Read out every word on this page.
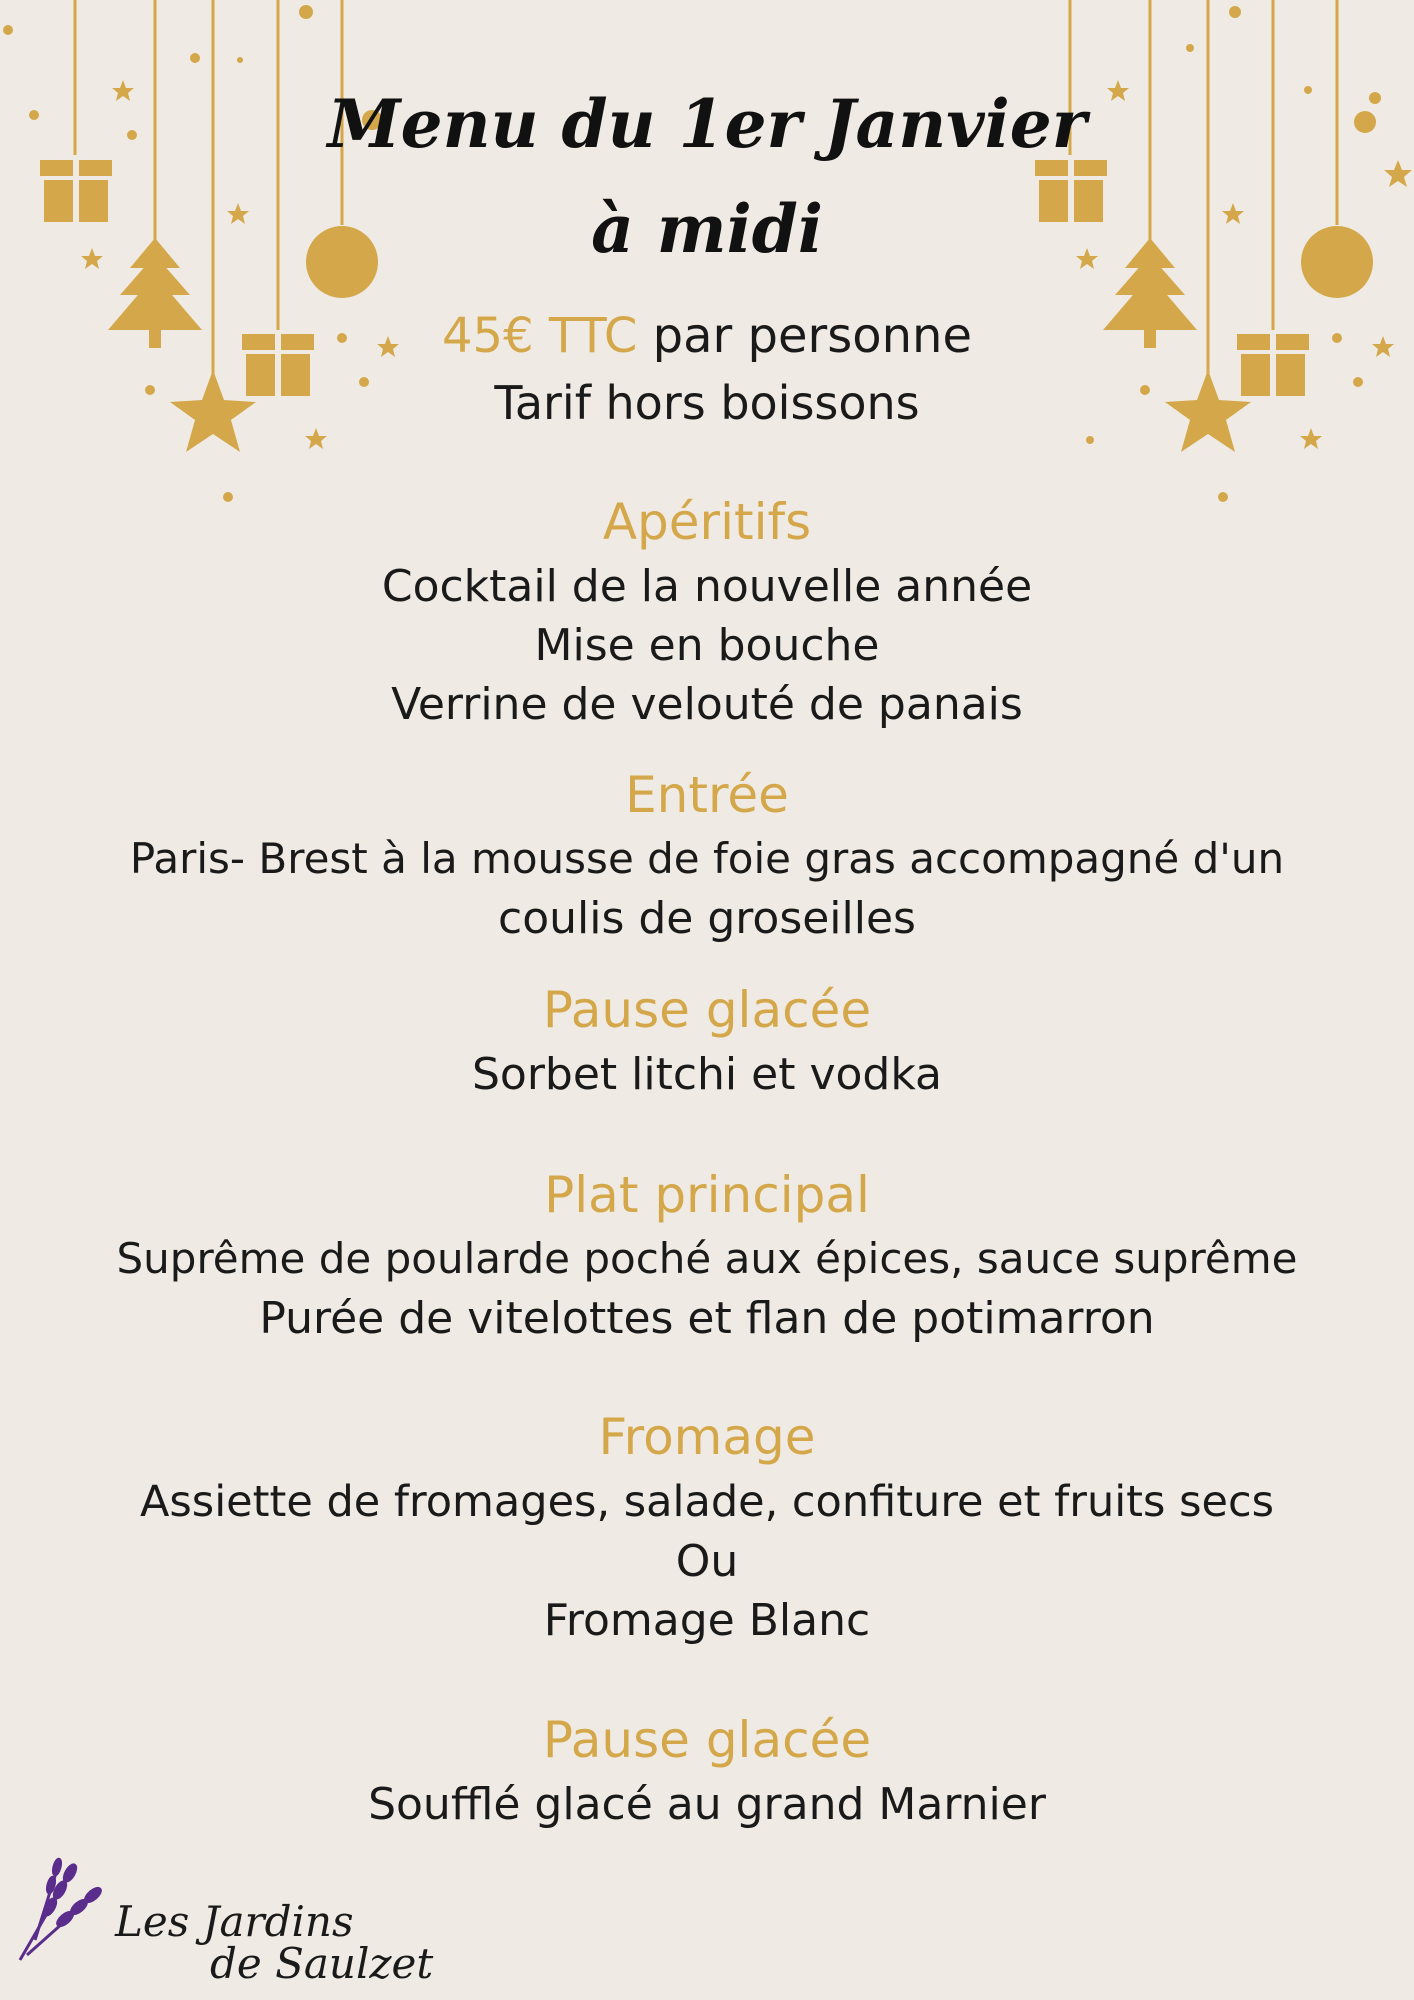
Menu du 1er Janvier
à midi

45€ TTC par personne

Tarif hors boissons

Apéritifs

Cocktail de la nouvelle année

Mise en bouche

Verrine de velouté de panais

Entrée

Paris- Brest à la mousse de foie gras accompagné d'un

coulis de groseilles

Pause glacée

Sorbet litchi et vodka

Plat principal

Suprême de poularde poché aux épices, sauce suprême

Purée de vitelottes et flan de potimarron

Fromage

Assiette de fromages, salade, confiture et fruits secs

Ou

Fromage Blanc

Pause glacée

Soufflé glacé au grand Marnier

Les Jardins
de Saulzet
